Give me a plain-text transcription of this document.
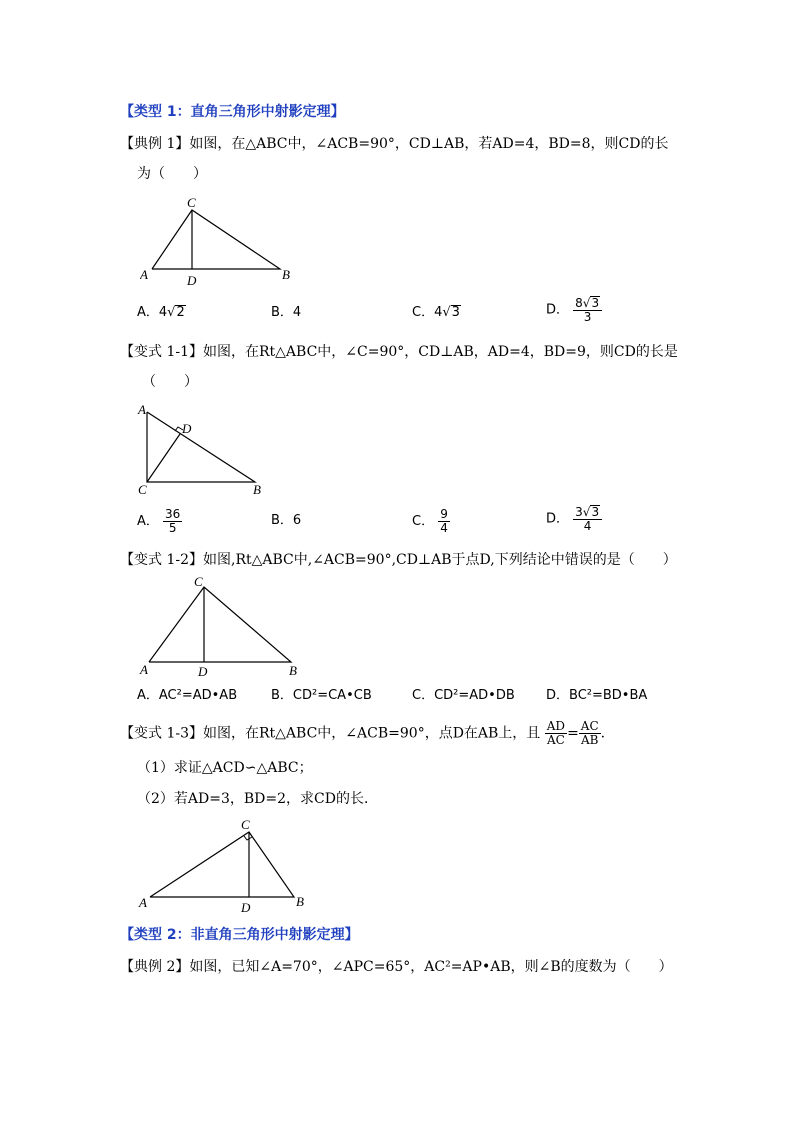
【类型 1：直角三角形中射影定理】
【典例 1】如图，在△ABC中，∠ACB=90°，CD⊥AB，若AD=4，BD=8，则CD的长
为（　　）
C
A	D	B
A．4√2	B．4	C．4√3	D． $\frac{8√3}{3}$
【变式 1-1】如图，在Rt△ABC中，∠C=90°，CD⊥AB，AD=4，BD=9，则CD的长是
（　　）
A
D
C	B
A． $\frac{36}{5}$	B．6	C． $\frac{9}{4}$	D． $\frac{3√3}{4}$
【变式 1-2】如图,Rt△ABC中,∠ACB=90°,CD⊥AB于点D,下列结论中错误的是（　　）
C
A	D	B
A．AC²=AD•AB	B．CD²=CA•CB	C．CD²=AD•DB D．BC²=BD•BA
【变式 1-3】如图，在Rt△ABC中，∠ACB=90°，点D在AB上，且 $\frac{AD}{AC} = \frac{AC}{AB}$ .
（1）求证△ACD∽△ABC；
（2）若AD=3，BD=2，求CD的长．
C
A	D	B
【类型 2：非直角三角形中射影定理】
【典例 2】如图，已知∠A=70°，∠APC=65°，AC²=AP•AB，则∠B的度数为（　　）
